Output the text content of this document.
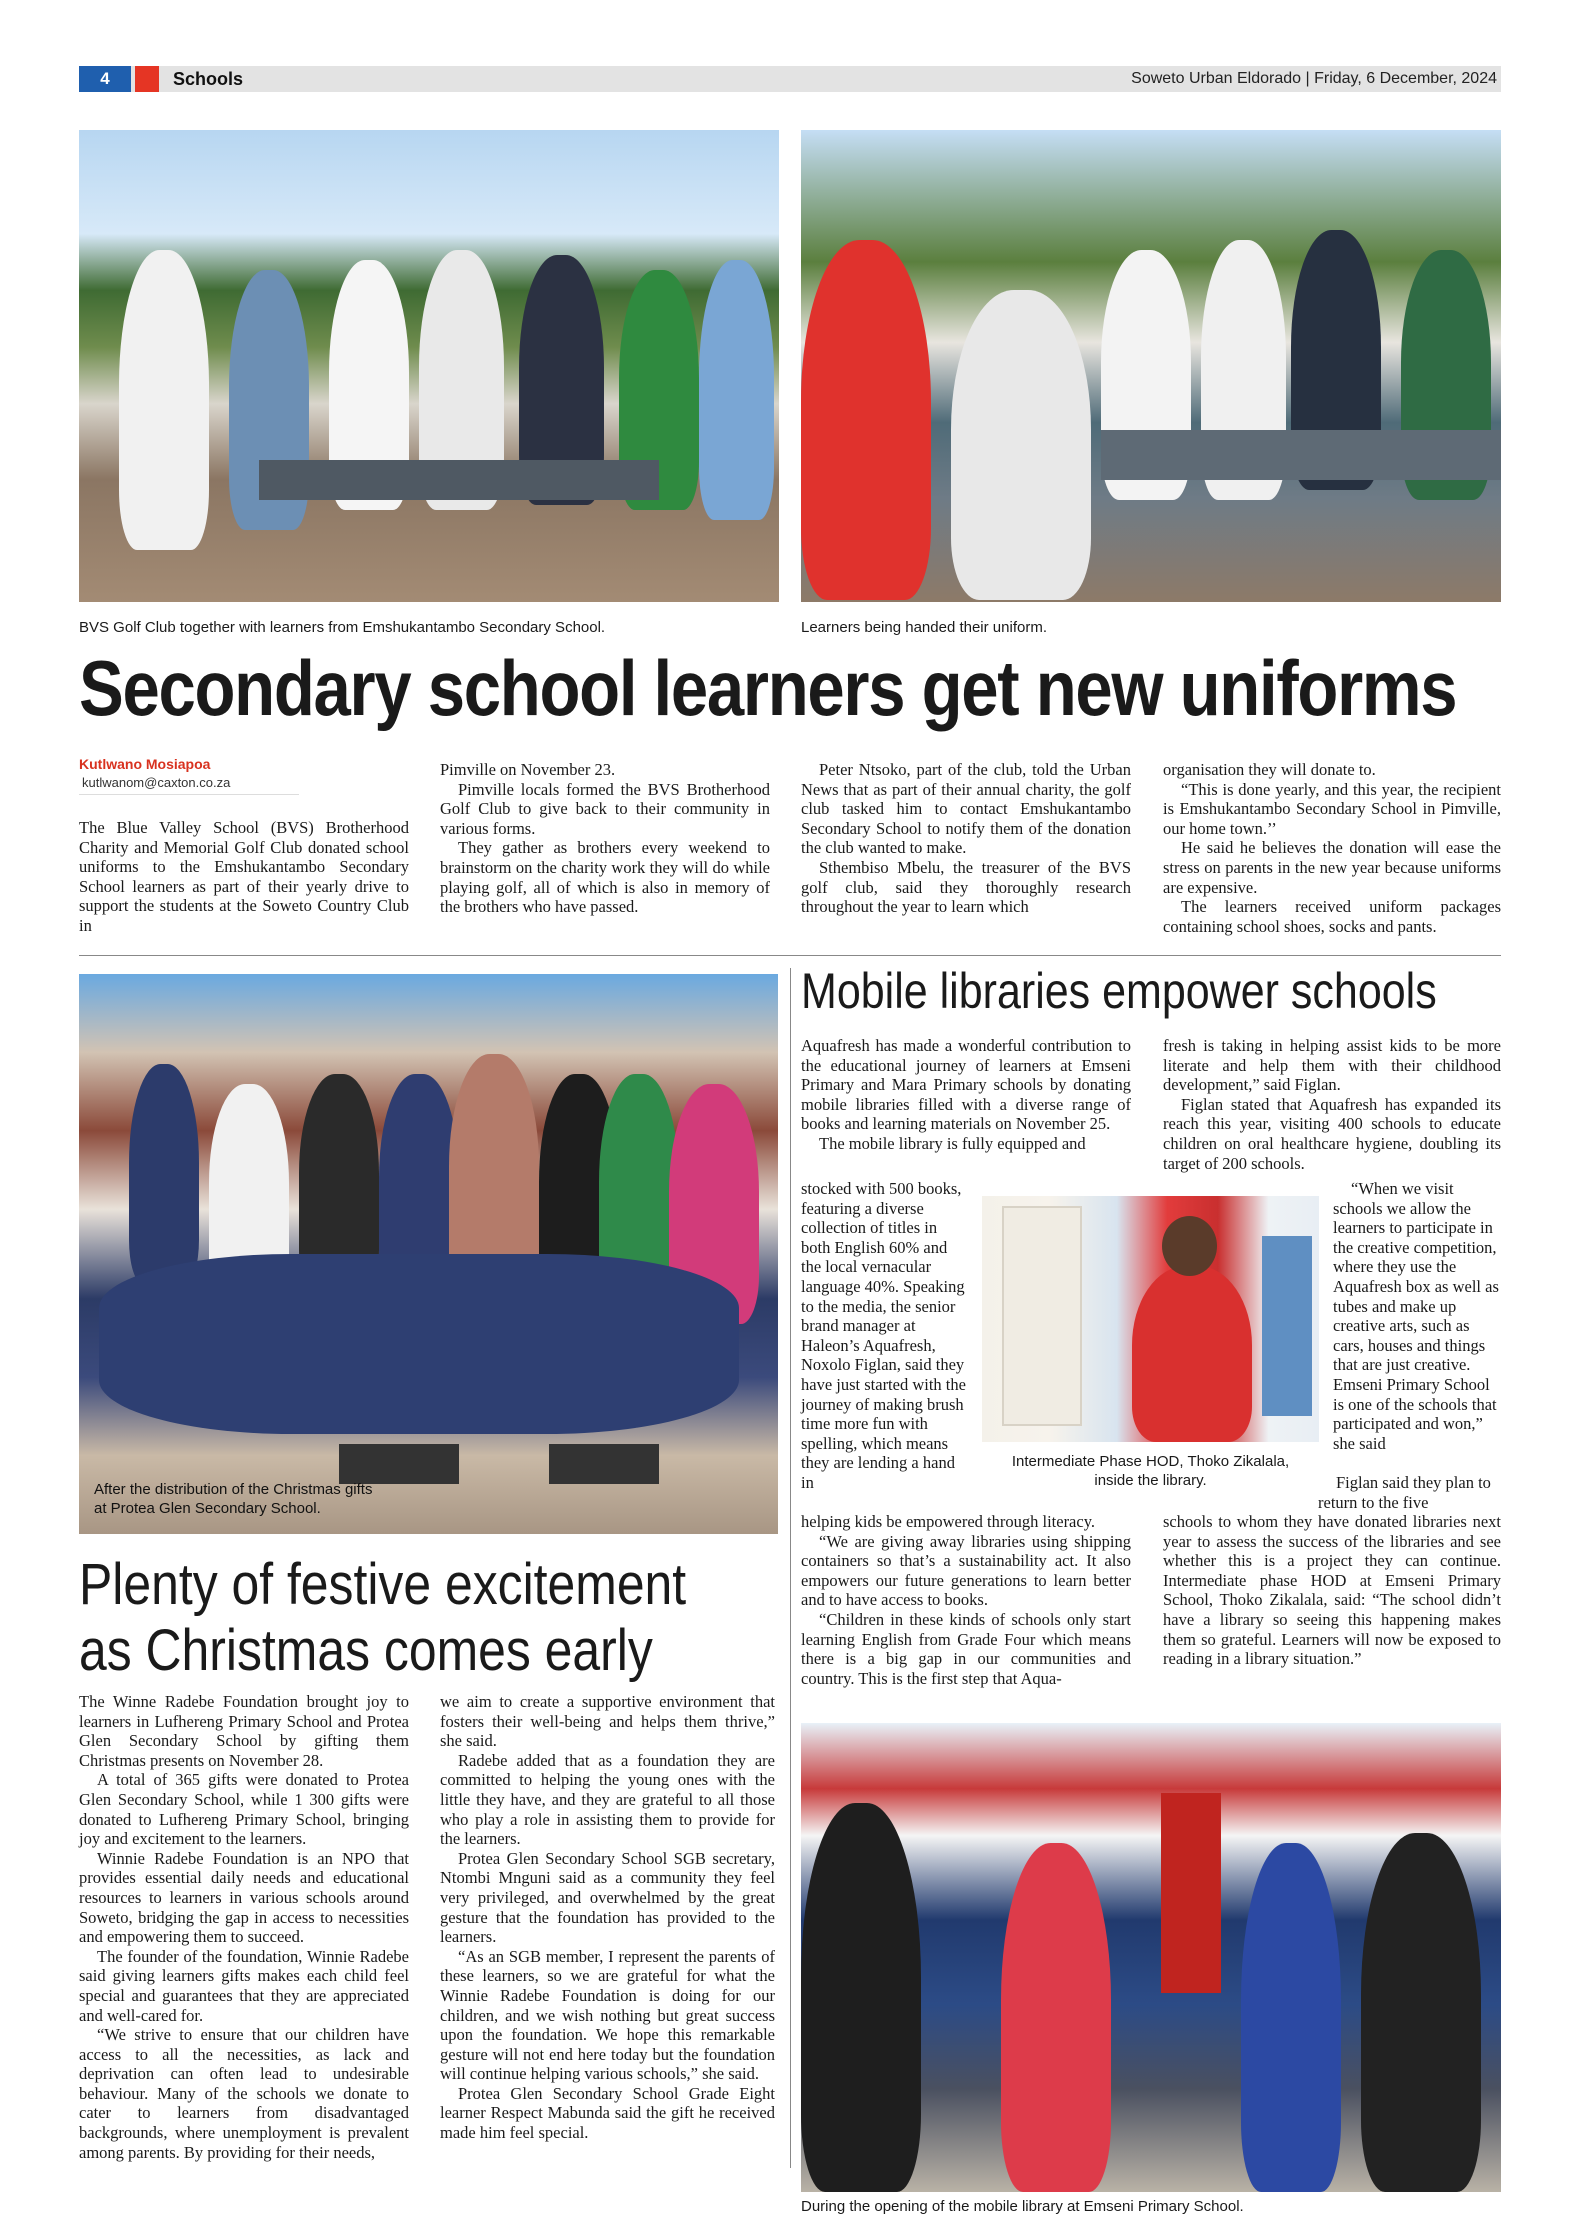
4	Schools	Soweto Urban Eldorado | Friday, 6 December, 2024
BVS Golf Club together with learners from Emshukantambo Secondary School.	Learners being handed their uniform.
Secondary school learners get new uniforms
Kutlwano Mosiapoa
kutlwanom@caxton.co.za

The Blue Valley School (BVS) Brotherhood Charity and Memorial Golf Club donated school uniforms to the Emshukantambo Secondary School learners as part of their yearly drive to support the students at the Soweto Country Club in

Pimville on November 23.

Pimville locals formed the BVS Brotherhood Golf Club to give back to their community in various forms.

They gather as brothers every weekend to brainstorm on the charity work they will do while playing golf, all of which is also in memory of the brothers who have passed.

Peter Ntsoko, part of the club, told the Urban News that as part of their annual charity, the golf club tasked him to contact Emshukantambo Secondary School to notify them of the donation the club wanted to make.

Sthembiso Mbelu, the treasurer of the BVS golf club, said they thoroughly research throughout the year to learn which

organisation they will donate to.

“This is done yearly, and this year, the recipient is Emshukantambo Secondary School in Pimville, our home town.’’

He said he believes the donation will ease the stress on parents in the new year because uniforms are expensive.

The learners received uniform packages containing school shoes, socks and pants.

After the distribution of the Christmas gifts
at Protea Glen Secondary School.
Plenty of festive excitement
as Christmas comes early

The Winne Radebe Foundation brought joy to learners in Lufhereng Primary School and Protea Glen Secondary School by gifting them Christmas presents on November 28.

A total of 365 gifts were donated to Protea Glen Secondary School, while 1 300 gifts were donated to Lufhereng Primary School, bringing joy and excitement to the learners.

Winnie Radebe Foundation is an NPO that provides essential daily needs and educational resources to learners in various schools around Soweto, bridging the gap in access to necessities and empowering them to succeed.

The founder of the foundation, Winnie Radebe said giving learners gifts makes each child feel special and guarantees that they are appreciated and well-cared for.

“We strive to ensure that our children have access to all the necessities, as lack and deprivation can often lead to undesirable behaviour. Many of the schools we donate to cater to learners from disadvantaged backgrounds, where unemployment is prevalent among parents. By providing for their needs,

we aim to create a supportive environment that fosters their well-being and helps them thrive,” she said.

Radebe added that as a foundation they are committed to helping the young ones with the little they have, and they are grateful to all those who play a role in assisting them to provide for the learners.

Protea Glen Secondary School SGB secretary, Ntombi Mnguni said as a community they feel very privileged, and overwhelmed by the great gesture that the foundation has provided to the learners.

“As an SGB member, I represent the parents of these learners, so we are grateful for what the Winnie Radebe Foundation is doing for our children, and we wish nothing but great success upon the foundation. We hope this remarkable gesture will not end here today but the foundation will continue helping various schools,” she said.

Protea Glen Secondary School Grade Eight learner Respect Mabunda said the gift he received made him feel special.

Mobile libraries empower schools

Aquafresh has made a wonderful contribution to the educational journey of learners at Emseni Primary and Mara Primary schools by donating mobile libraries filled with a diverse range of books and learning materials on November 25.

The mobile library is fully equipped and

stocked with 500 books, featuring a diverse collection of titles in both English 60% and the local vernacular language 40%. Speaking to the media, the senior brand manager at Haleon’s Aquafresh, Noxolo Figlan, said they have just started with the journey of making brush time more fun with spelling, which means they are lending a hand in

helping kids be empowered through literacy.

“We are giving away libraries using shipping containers so that’s a sustainability act. It also empowers our future generations to learn better and to have access to books.

“Children in these kinds of schools only start learning English from Grade Four which means there is a big gap in our communities and country. This is the first step that Aqua-

Intermediate Phase HOD, Thoko Zikalala,
inside the library.

fresh is taking in helping assist kids to be more literate and help them with their childhood development,” said Figlan.

Figlan stated that Aquafresh has expanded its reach this year, visiting 400 schools to educate children on oral healthcare hygiene, doubling its target of 200 schools.

“When we visit schools we allow the learners to participate in the creative competition, where they use the Aquafresh box as well as tubes and make up creative arts, such as cars, houses and things that are just creative. Emseni Primary School is one of the schools that participated and won,” she said

Figlan said they plan to return to the five

schools to whom they have donated libraries next year to assess the success of the libraries and see whether this is a project they can continue. Intermediate phase HOD at Emseni Primary School, Thoko Zikalala, said: “The school didn’t have a library so seeing this happening makes them so grateful. Learners will now be exposed to reading in a library situation.”

During the opening of the mobile library at Emseni Primary School.
